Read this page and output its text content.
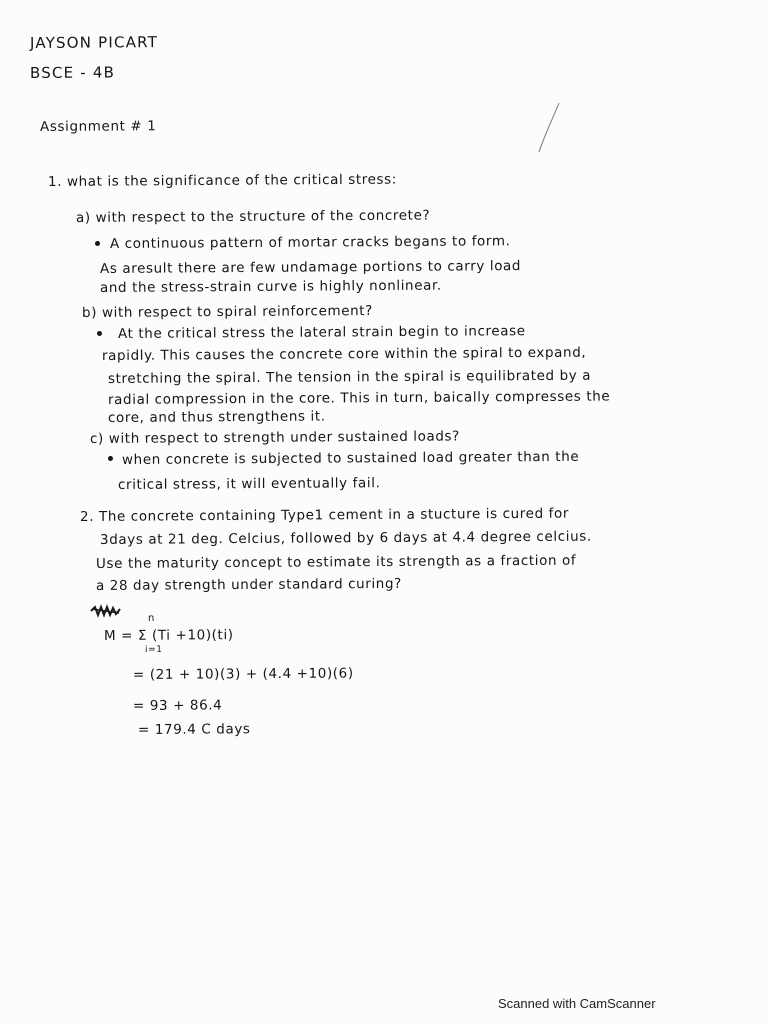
JAYSON PICART
BSCE - 4B
Assignment # 1
1. what is the significance of the critical stress:
a) with respect to the structure of the concrete?
A continuous pattern of mortar cracks begans to form.
As aresult there are few undamage portions to carry load
and the stress-strain curve is highly nonlinear.
b) with respect to spiral reinforcement?
At the critical stress the lateral strain begin to increase
rapidly. This causes the concrete core within the spiral to expand,
stretching the spiral. The tension in the spiral is equilibrated by a
radial compression in the core. This in turn, baically compresses the
core, and thus strengthens it.
c) with respect to strength under sustained loads?
when concrete is subjected to sustained load greater than the
critical stress, it will eventually fail.
2. The concrete containing Type1 cement in a stucture is cured for
3days at 21 deg. Celcius, followed by 6 days at 4.4 degree celcius.
Use the maturity concept to estimate its strength as a fraction of
a 28 day strength under standard curing?
n
i=1
M = Σ (Ti +10)(ti)
= (21 + 10)(3) + (4.4 +10)(6)
= 93 + 86.4
= 179.4 C days
Scanned with CamScanner
